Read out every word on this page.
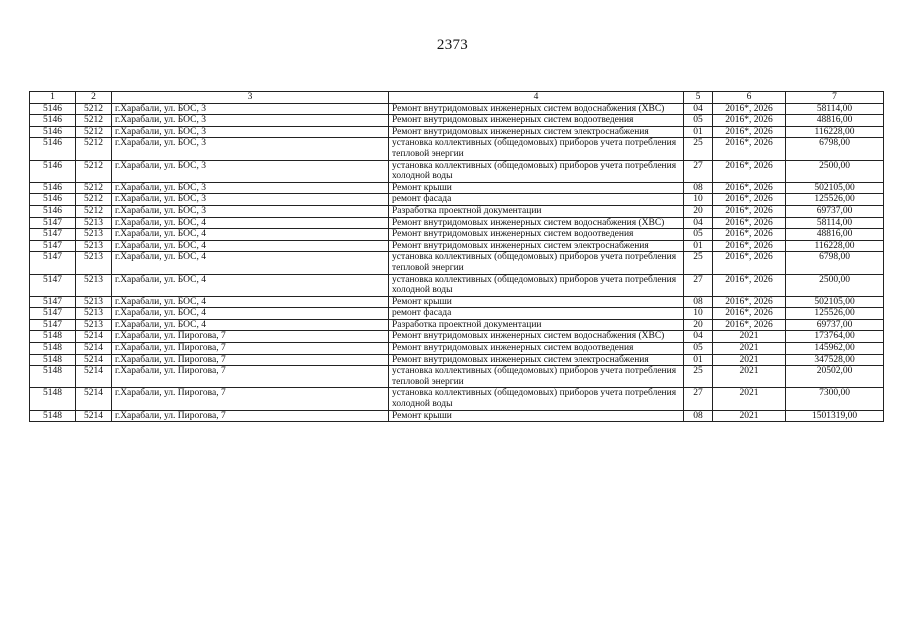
2373
1	2	3	4	5	6	7
5146	5212	г.Харабали, ул. БОС, 3	Ремонт внутридомовых инженерных систем водоснабжения (ХВС)	04	2016*, 2026	58114,00
5146	5212	г.Харабали, ул. БОС, 3	Ремонт внутридомовых инженерных систем водоотведения	05	2016*, 2026	48816,00
5146	5212	г.Харабали, ул. БОС, 3	Ремонт внутридомовых инженерных систем электроснабжения	01	2016*, 2026	116228,00
5146	5212	г.Харабали, ул. БОС, 3	установка коллективных (общедомовых) приборов учета потребления тепловой энергии	25	2016*, 2026	6798,00
5146	5212	г.Харабали, ул. БОС, 3	установка коллективных (общедомовых) приборов учета потребления холодной воды	27	2016*, 2026	2500,00
5146	5212	г.Харабали, ул. БОС, 3	Ремонт крыши	08	2016*, 2026	502105,00
5146	5212	г.Харабали, ул. БОС, 3	ремонт фасада	10	2016*, 2026	125526,00
5146	5212	г.Харабали, ул. БОС, 3	Разработка проектной документации	20	2016*, 2026	69737,00
5147	5213	г.Харабали, ул. БОС, 4	Ремонт внутридомовых инженерных систем водоснабжения (ХВС)	04	2016*, 2026	58114,00
5147	5213	г.Харабали, ул. БОС, 4	Ремонт внутридомовых инженерных систем водоотведения	05	2016*, 2026	48816,00
5147	5213	г.Харабали, ул. БОС, 4	Ремонт внутридомовых инженерных систем электроснабжения	01	2016*, 2026	116228,00
5147	5213	г.Харабали, ул. БОС, 4	установка коллективных (общедомовых) приборов учета потребления тепловой энергии	25	2016*, 2026	6798,00
5147	5213	г.Харабали, ул. БОС, 4	установка коллективных (общедомовых) приборов учета потребления холодной воды	27	2016*, 2026	2500,00
5147	5213	г.Харабали, ул. БОС, 4	Ремонт крыши	08	2016*, 2026	502105,00
5147	5213	г.Харабали, ул. БОС, 4	ремонт фасада	10	2016*, 2026	125526,00
5147	5213	г.Харабали, ул. БОС, 4	Разработка проектной документации	20	2016*, 2026	69737,00
5148	5214	г.Харабали, ул. Пирогова, 7	Ремонт внутридомовых инженерных систем водоснабжения (ХВС)	04	2021	173764,00
5148	5214	г.Харабали, ул. Пирогова, 7	Ремонт внутридомовых инженерных систем водоотведения	05	2021	145962,00
5148	5214	г.Харабали, ул. Пирогова, 7	Ремонт внутридомовых инженерных систем электроснабжения	01	2021	347528,00
5148	5214	г.Харабали, ул. Пирогова, 7	установка коллективных (общедомовых) приборов учета потребления тепловой энергии	25	2021	20502,00
5148	5214	г.Харабали, ул. Пирогова, 7	установка коллективных (общедомовых) приборов учета потребления холодной воды	27	2021	7300,00
5148	5214	г.Харабали, ул. Пирогова, 7	Ремонт крыши	08	2021	1501319,00
